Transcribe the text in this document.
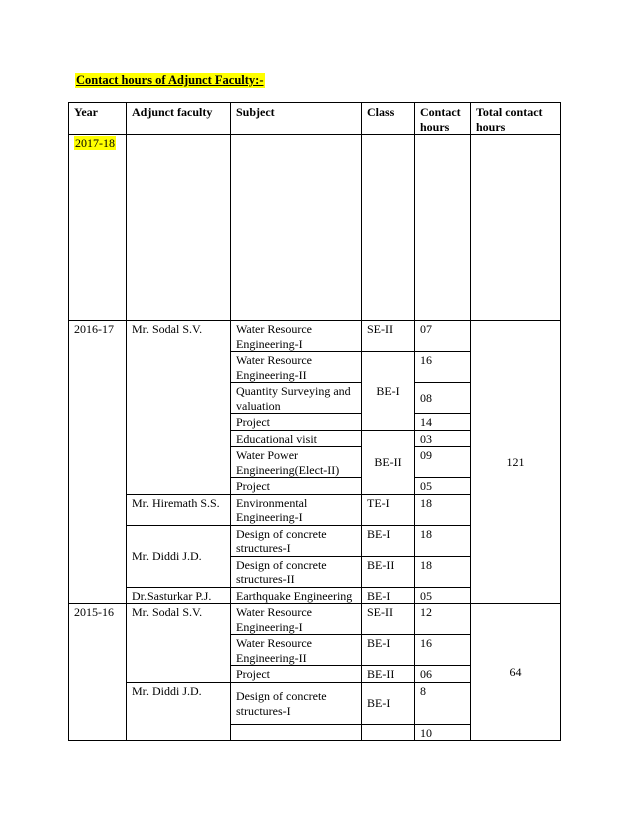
Contact hours of Adjunct Faculty:-
Year	Adjunct faculty	Subject	Class	Contact hours	Total contact hours
2017-18					
2016-17	Mr. Sodal S.V.	Water Resource Engineering-I	SE-II	07	121
		Water Resource Engineering-II	BE-I	16	
		Quantity Surveying and valuation		08	
		Project		14	
		Educational visit	BE-II	03	
		Water Power Engineering(Elect-II)		09	
		Project		05	
	Mr. Hiremath S.S.	Environmental Engineering-I	TE-I	18	
	Mr. Diddi J.D.	Design of concrete structures-I	BE-I	18	
		Design of concrete structures-II	BE-II	18	
	Dr.Sasturkar P.J.	Earthquake Engineering	BE-I	05	
2015-16	Mr. Sodal S.V.	Water Resource Engineering-I	SE-II	12	64
		Water Resource Engineering-II	BE-I	16	
		Project	BE-II	06	
	Mr. Diddi J.D.	Design of concrete structures-I	BE-I	8	
				10	
